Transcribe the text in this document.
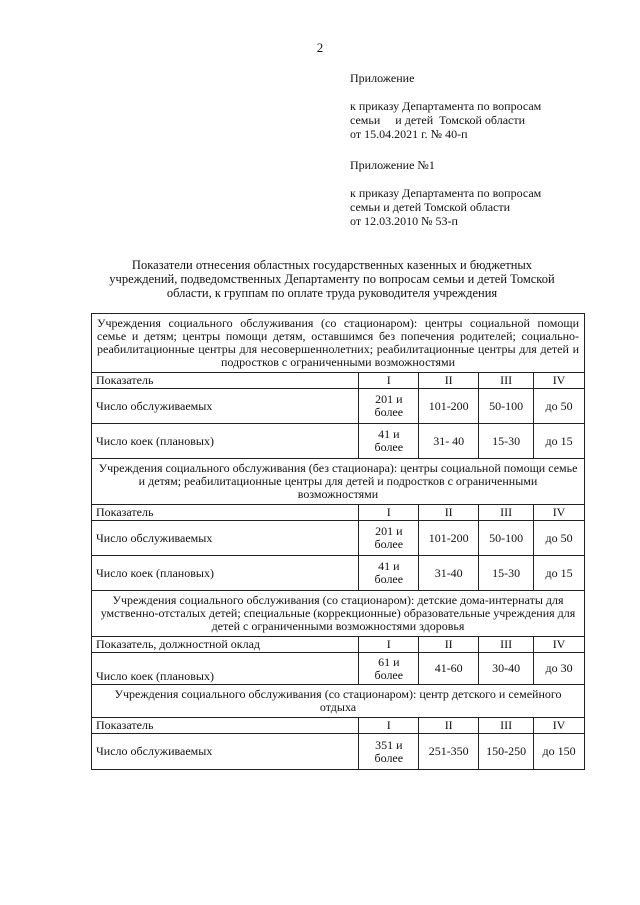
2
Приложение
к приказу Департамента по вопросам
семьи     и детей  Томской области
от 15.04.2021 г. № 40-п
Приложение №1
к приказу Департамента по вопросам
семьи и детей Томской области
от 12.03.2010 № 53-п
Показатели отнесения областных государственных казенных и бюджетных
учреждений, подведомственных Департаменту по вопросам семьи и детей Томской
области, к группам по оплате труда руководителя учреждения
Учреждения социального обслуживания (со стационаром): центры социальной помощи семье и детям; центры помощи детям, оставшимся без попечения родителей; социально-реабилитационные центры для несовершеннолетних; реабилитационные центры для детей и подростков с ограниченными возможностями				
Показатель	I	II	III	IV
Число обслуживаемых	201 и более	101-200	50-100	до 50
Число коек (плановых)	41 и более	31- 40	15-30	до 15
Учреждения социального обслуживания (без стационара): центры социальной помощи семье и детям; реабилитационные центры для детей и подростков с ограниченными возможностями				
Показатель	I	II	III	IV
Число обслуживаемых	201 и более	101-200	50-100	до 50
Число коек (плановых)	41 и более	31-40	15-30	до 15
Учреждения социального обслуживания (со стационаром): детские дома-интернаты для умственно-отсталых детей; специальные (коррекционные) образовательные учреждения для детей с ограниченными возможностями здоровья				
Показатель, должностной оклад	I	II	III	IV
Число коек (плановых)	61 и более	41-60	30-40	до 30
Учреждения социального обслуживания (со стационаром): центр детского и семейного отдыха				
Показатель	I	II	III	IV
Число обслуживаемых	351 и более	251-350	150-250	до 150
